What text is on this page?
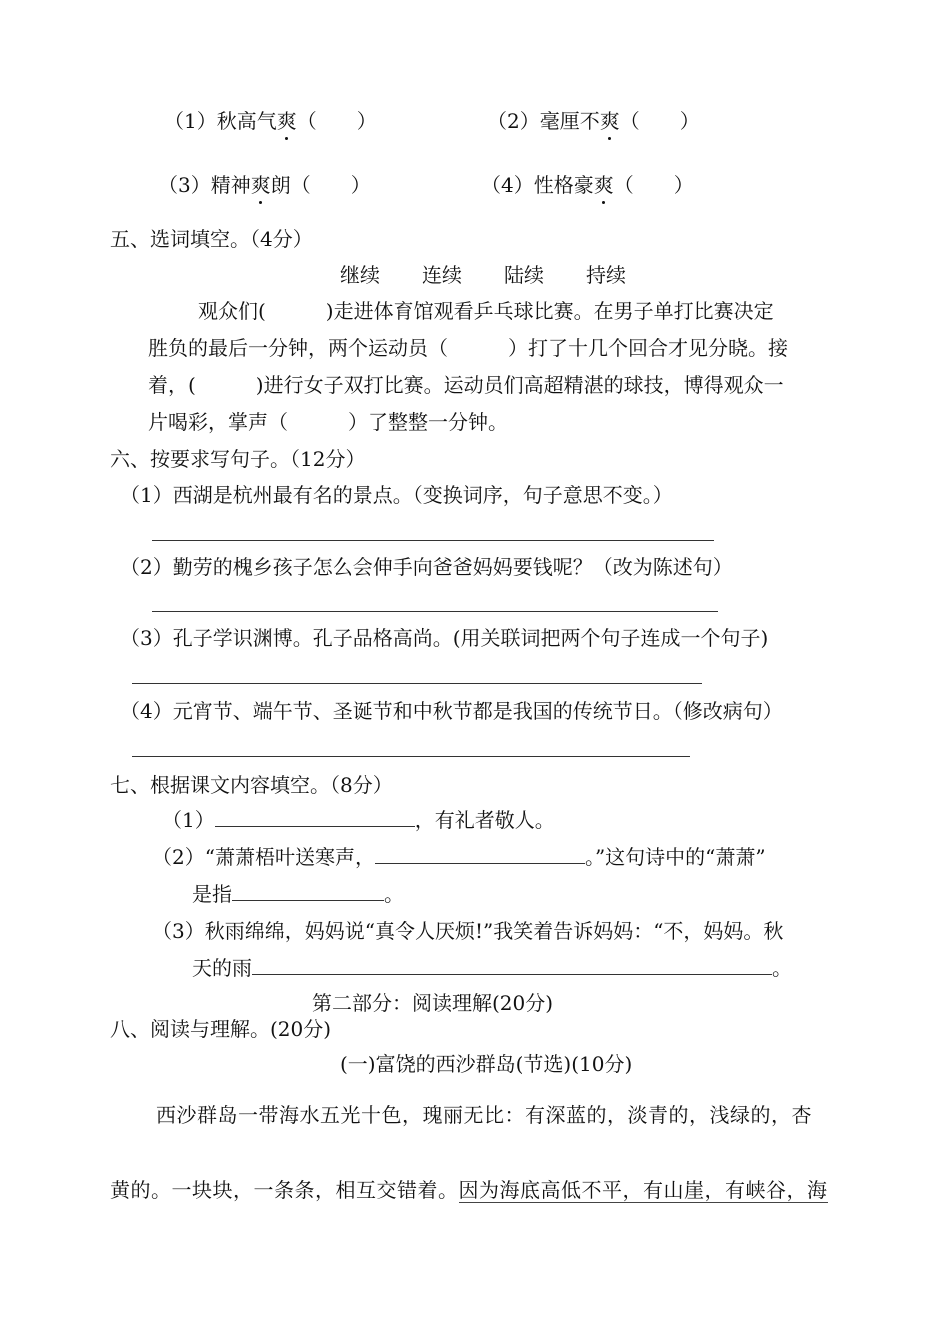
（1）秋高气爽（　　）	（2）毫厘不爽（　　）
（3）精神爽朗（　　）	（4）性格豪爽（　　）
五、选词填空。（4分）
继续 连续 陆续 持续
观众们(　　　)走进体育馆观看乒乓球比赛。在男子单打比赛决定
胜负的最后一分钟，两个运动员（　　　）打了十几个回合才见分晓。接
着，(　　　)进行女子双打比赛。运动员们高超精湛的球技，博得观众一
片喝彩，掌声（　　　）了整整一分钟。
六、按要求写句子。（12分）
（1）西湖是杭州最有名的景点。（变换词序，句子意思不变。）
（2）勤劳的槐乡孩子怎么会伸手向爸爸妈妈要钱呢？（改为陈述句）
（3）孔子学识渊博。孔子品格高尚。(用关联词把两个句子连成一个句子)
（4）元宵节、端午节、圣诞节和中秋节都是我国的传统节日。（修改病句）
七、根据课文内容填空。（8分）
（1）	，有礼者敬人。
（2）“萧萧梧叶送寒声，	。”这句诗中的“萧萧”
是指	。
（3）秋雨绵绵，妈妈说“真令人厌烦!”我笑着告诉妈妈：“不，妈妈。秋
天的雨	。
第二部分：阅读理解(20分)
八、阅读与理解。(20分)
(一)富饶的西沙群岛(节选)(10分)
西沙群岛一带海水五光十色，瑰丽无比：有深蓝的，淡青的，浅绿的，杏
黄的。一块块，一条条，相互交错着。因为海底高低不平，有山崖，有峡谷，海
